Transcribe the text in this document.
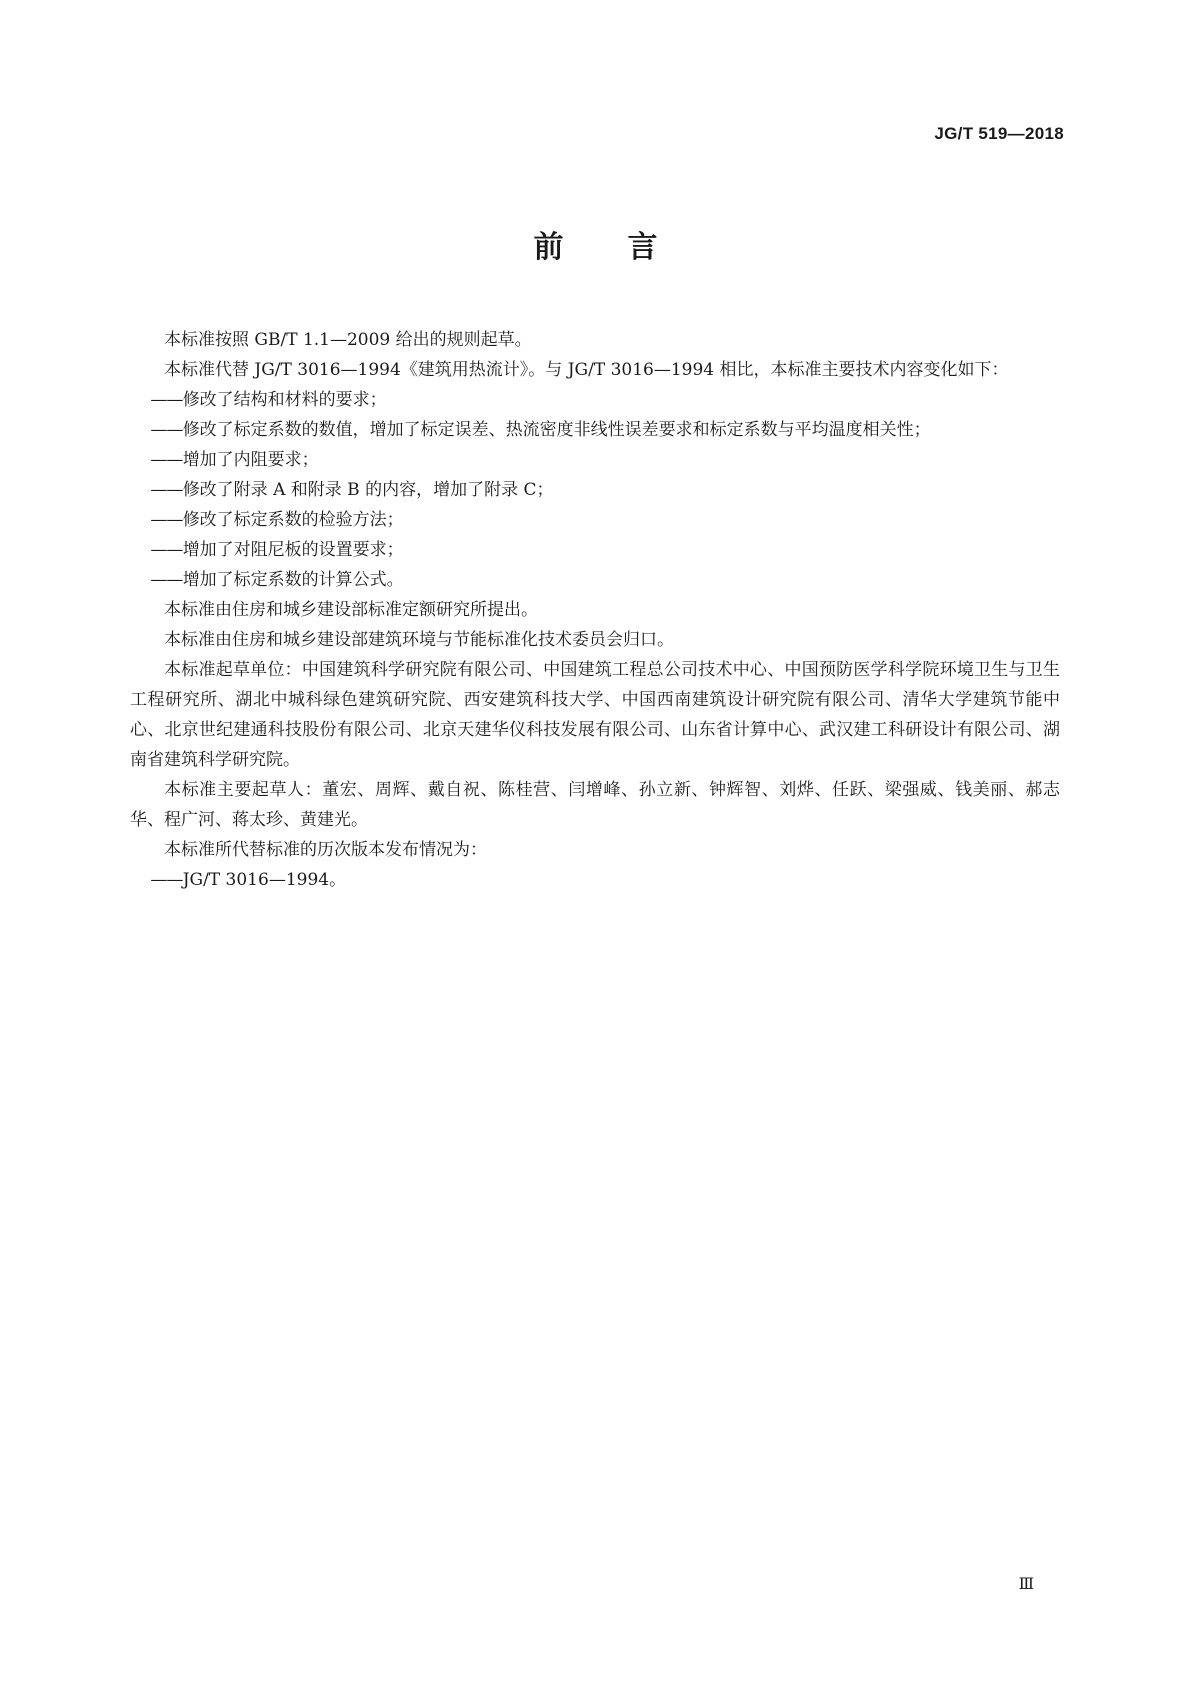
JG/T 519—2018
前 言

本标准按照 GB/T 1.1—2009 给出的规则起草。

本标准代替 JG/T 3016—1994《建筑用热流计》。与 JG/T 3016—1994 相比，本标准主要技术内容变化如下：

——修改了结构和材料的要求；

——修改了标定系数的数值，增加了标定误差、热流密度非线性误差要求和标定系数与平均温度相关性；

——增加了内阻要求；

——修改了附录 A 和附录 B 的内容，增加了附录 C；

——修改了标定系数的检验方法；

——增加了对阻尼板的设置要求；

——增加了标定系数的计算公式。

本标准由住房和城乡建设部标准定额研究所提出。

本标准由住房和城乡建设部建筑环境与节能标准化技术委员会归口。

本标准起草单位：中国建筑科学研究院有限公司、中国建筑工程总公司技术中心、中国预防医学科学院环境卫生与卫生工程研究所、湖北中城科绿色建筑研究院、西安建筑科技大学、中国西南建筑设计研究院有限公司、清华大学建筑节能中心、北京世纪建通科技股份有限公司、北京天建华仪科技发展有限公司、山东省计算中心、武汉建工科研设计有限公司、湖南省建筑科学研究院。

本标准主要起草人：董宏、周辉、戴自祝、陈桂营、闫增峰、孙立新、钟辉智、刘烨、任跃、梁强威、钱美丽、郝志华、程广河、蒋太珍、黄建光。

本标准所代替标准的历次版本发布情况为：

——JG/T 3016—1994。

Ⅲ
